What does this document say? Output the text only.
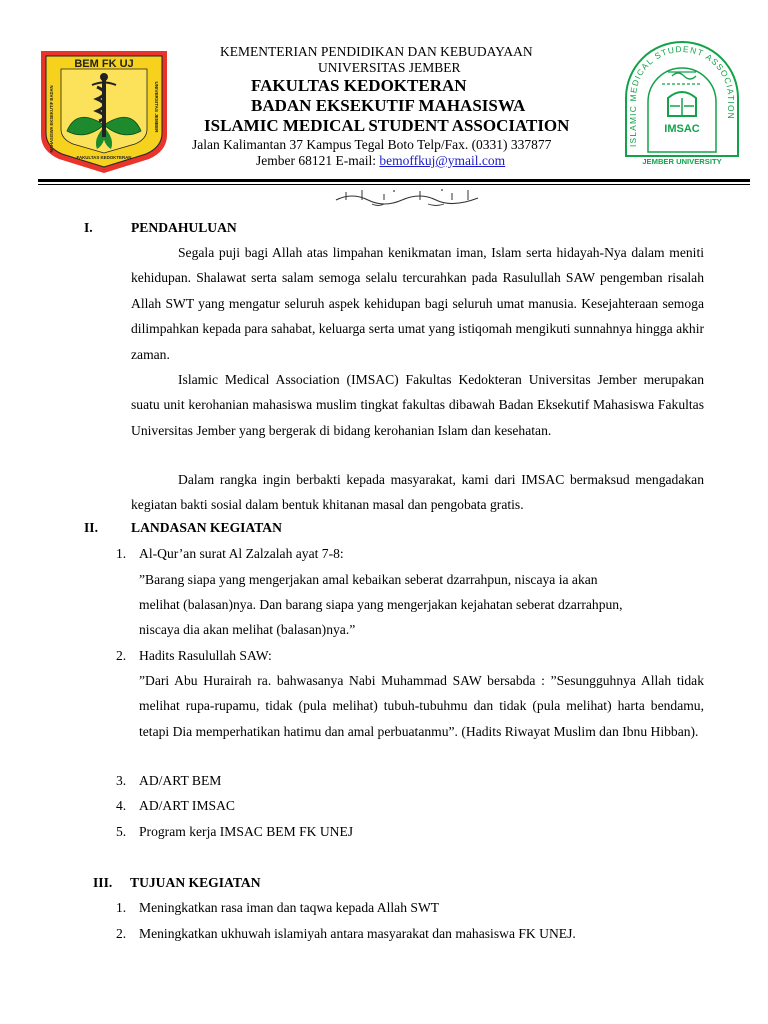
BEM FK UJ
MAHASISWA EKSEKUTIF BADAN	UNIVERSITAS JEMBER
FAKULTAS KEDOKTERAN
ISLAMIC MEDICAL STUDENT ASSOCIATION
IMSAC
JEMBER UNIVERSITY
KEMENTERIAN PENDIDIKAN DAN KEBUDAYAAN
UNIVERSITAS JEMBER
FAKULTAS KEDOKTERAN
BADAN EKSEKUTIF MAHASISWA
ISLAMIC MEDICAL STUDENT ASSOCIATION
Jalan Kalimantan 37 Kampus Tegal Boto Telp/Fax. (0331) 337877
Jember 68121 E-mail: bemoffkuj@ymail.com
I.	PENDAHULUAN
Segala puji bagi Allah atas limpahan kenikmatan iman, Islam serta hidayah-Nya dalam meniti kehidupan. Shalawat serta salam semoga selalu tercurahkan pada Rasulullah SAW pengemban risalah Allah SWT yang mengatur seluruh aspek kehidupan bagi seluruh umat manusia. Kesejahteraan semoga dilimpahkan kepada para sahabat, keluarga serta umat yang istiqomah mengikuti sunnahnya hingga akhir zaman.
Islamic Medical Association (IMSAC) Fakultas Kedokteran Universitas Jember merupakan suatu unit kerohanian mahasiswa muslim tingkat fakultas dibawah Badan Eksekutif Mahasiswa Fakultas Universitas Jember yang bergerak di bidang kerohanian Islam dan kesehatan.
Dalam rangka ingin berbakti kepada masyarakat, kami dari IMSAC bermaksud mengadakan kegiatan bakti sosial dalam bentuk khitanan masal dan pengobata gratis.
II. LANDASAN KEGIATAN
1. Al-Qur’an surat Al Zalzalah ayat 7-8:
”Barang siapa yang mengerjakan amal kebaikan seberat dzarrahpun, niscaya ia akan
melihat (balasan)nya. Dan barang siapa yang mengerjakan kejahatan seberat dzarrahpun,
niscaya dia akan melihat (balasan)nya.”
2. Hadits Rasulullah SAW:
”Dari Abu Hurairah ra. bahwasanya Nabi Muhammad SAW bersabda : ”Sesungguhnya Allah tidak melihat rupa-rupamu, tidak (pula melihat) tubuh-tubuhmu dan tidak (pula melihat) harta bendamu, tetapi Dia memperhatikan hatimu dan amal perbuatanmu”. (Hadits Riwayat Muslim dan Ibnu Hibban).
3. AD/ART BEM
4. AD/ART IMSAC
5. Program kerja IMSAC BEM FK UNEJ
III. TUJUAN KEGIATAN
1. Meningkatkan rasa iman dan taqwa kepada Allah SWT
2. Meningkatkan ukhuwah islamiyah antara masyarakat dan mahasiswa FK UNEJ.
